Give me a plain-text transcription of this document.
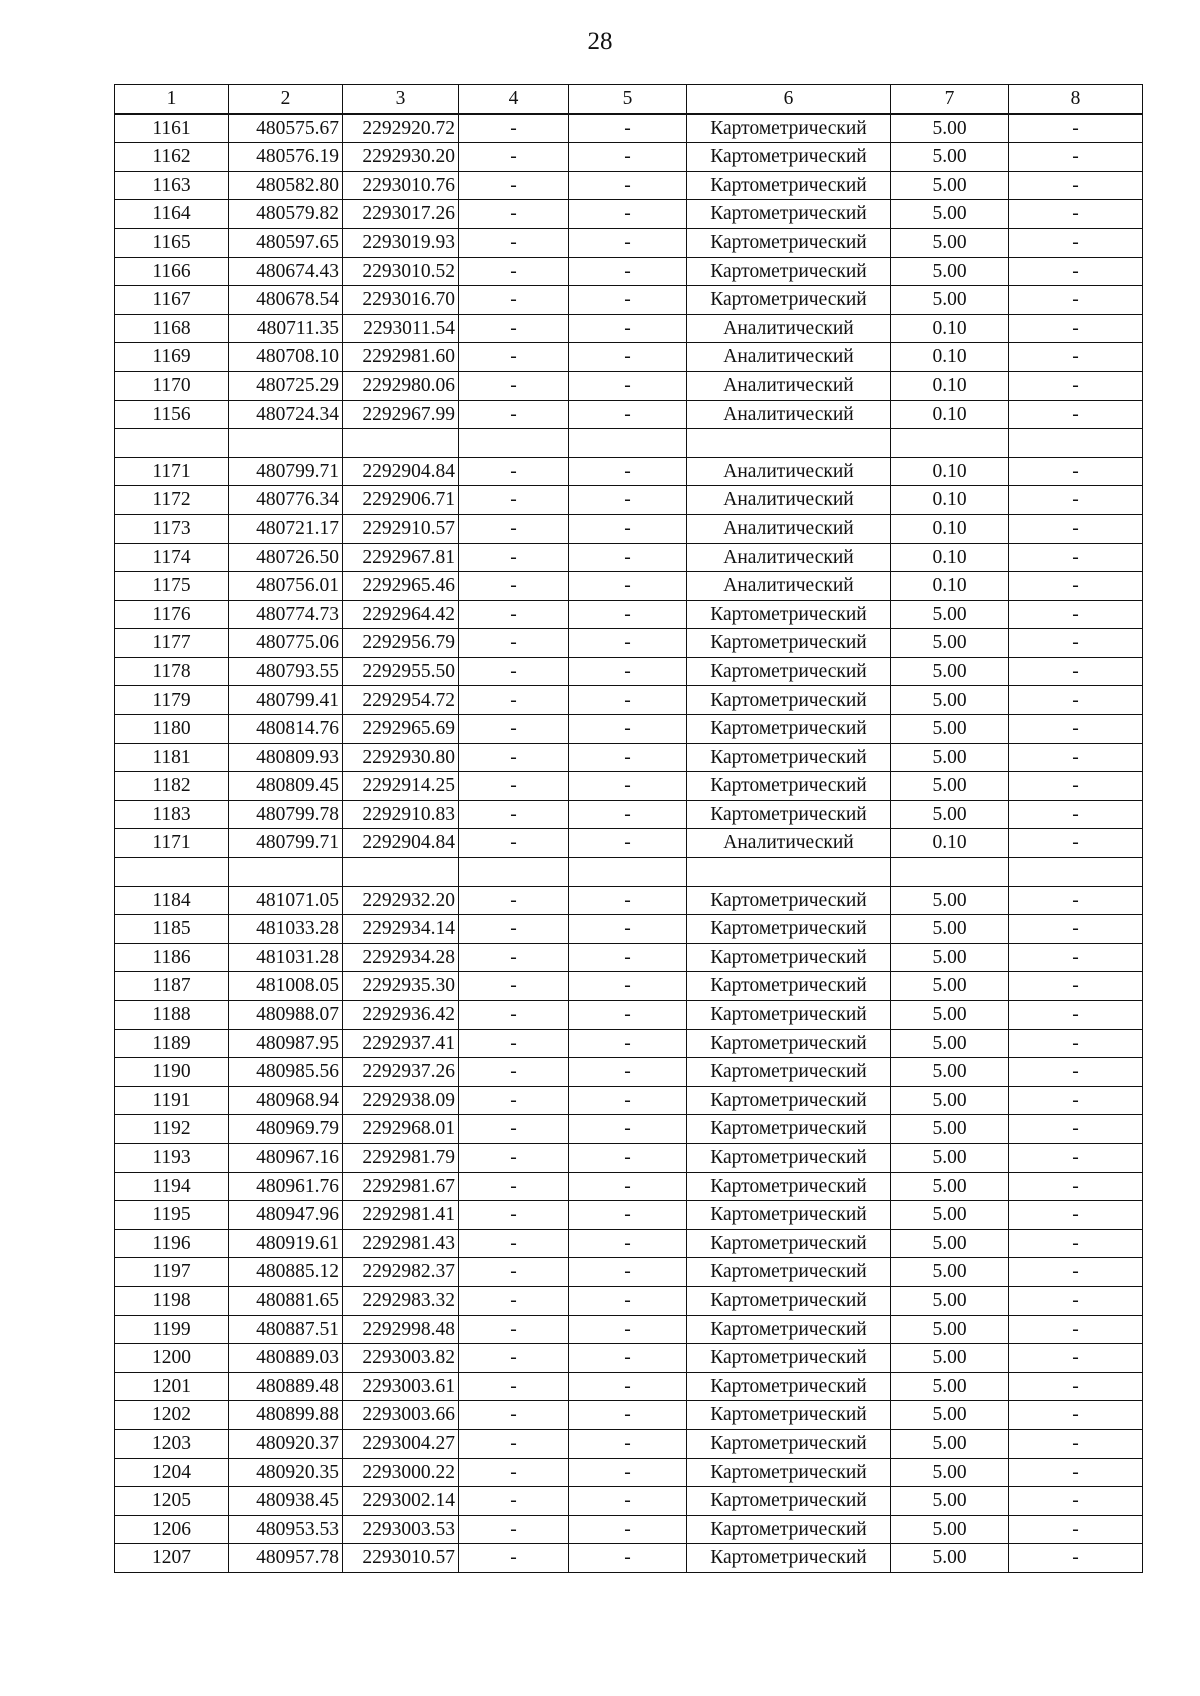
28
1	2	3	4	5	6	7	8
1161	480575.67	2292920.72	-	-	Картометрический	5.00	-
1162	480576.19	2292930.20	-	-	Картометрический	5.00	-
1163	480582.80	2293010.76	-	-	Картометрический	5.00	-
1164	480579.82	2293017.26	-	-	Картометрический	5.00	-
1165	480597.65	2293019.93	-	-	Картометрический	5.00	-
1166	480674.43	2293010.52	-	-	Картометрический	5.00	-
1167	480678.54	2293016.70	-	-	Картометрический	5.00	-
1168	480711.35	2293011.54	-	-	Аналитический	0.10	-
1169	480708.10	2292981.60	-	-	Аналитический	0.10	-
1170	480725.29	2292980.06	-	-	Аналитический	0.10	-
1156	480724.34	2292967.99	-	-	Аналитический	0.10	-

1171	480799.71	2292904.84	-	-	Аналитический	0.10	-
1172	480776.34	2292906.71	-	-	Аналитический	0.10	-
1173	480721.17	2292910.57	-	-	Аналитический	0.10	-
1174	480726.50	2292967.81	-	-	Аналитический	0.10	-
1175	480756.01	2292965.46	-	-	Аналитический	0.10	-
1176	480774.73	2292964.42	-	-	Картометрический	5.00	-
1177	480775.06	2292956.79	-	-	Картометрический	5.00	-
1178	480793.55	2292955.50	-	-	Картометрический	5.00	-
1179	480799.41	2292954.72	-	-	Картометрический	5.00	-
1180	480814.76	2292965.69	-	-	Картометрический	5.00	-
1181	480809.93	2292930.80	-	-	Картометрический	5.00	-
1182	480809.45	2292914.25	-	-	Картометрический	5.00	-
1183	480799.78	2292910.83	-	-	Картометрический	5.00	-
1171	480799.71	2292904.84	-	-	Аналитический	0.10	-

1184	481071.05	2292932.20	-	-	Картометрический	5.00	-
1185	481033.28	2292934.14	-	-	Картометрический	5.00	-
1186	481031.28	2292934.28	-	-	Картометрический	5.00	-
1187	481008.05	2292935.30	-	-	Картометрический	5.00	-
1188	480988.07	2292936.42	-	-	Картометрический	5.00	-
1189	480987.95	2292937.41	-	-	Картометрический	5.00	-
1190	480985.56	2292937.26	-	-	Картометрический	5.00	-
1191	480968.94	2292938.09	-	-	Картометрический	5.00	-
1192	480969.79	2292968.01	-	-	Картометрический	5.00	-
1193	480967.16	2292981.79	-	-	Картометрический	5.00	-
1194	480961.76	2292981.67	-	-	Картометрический	5.00	-
1195	480947.96	2292981.41	-	-	Картометрический	5.00	-
1196	480919.61	2292981.43	-	-	Картометрический	5.00	-
1197	480885.12	2292982.37	-	-	Картометрический	5.00	-
1198	480881.65	2292983.32	-	-	Картометрический	5.00	-
1199	480887.51	2292998.48	-	-	Картометрический	5.00	-
1200	480889.03	2293003.82	-	-	Картометрический	5.00	-
1201	480889.48	2293003.61	-	-	Картометрический	5.00	-
1202	480899.88	2293003.66	-	-	Картометрический	5.00	-
1203	480920.37	2293004.27	-	-	Картометрический	5.00	-
1204	480920.35	2293000.22	-	-	Картометрический	5.00	-
1205	480938.45	2293002.14	-	-	Картометрический	5.00	-
1206	480953.53	2293003.53	-	-	Картометрический	5.00	-
1207	480957.78	2293010.57	-	-	Картометрический	5.00	-
